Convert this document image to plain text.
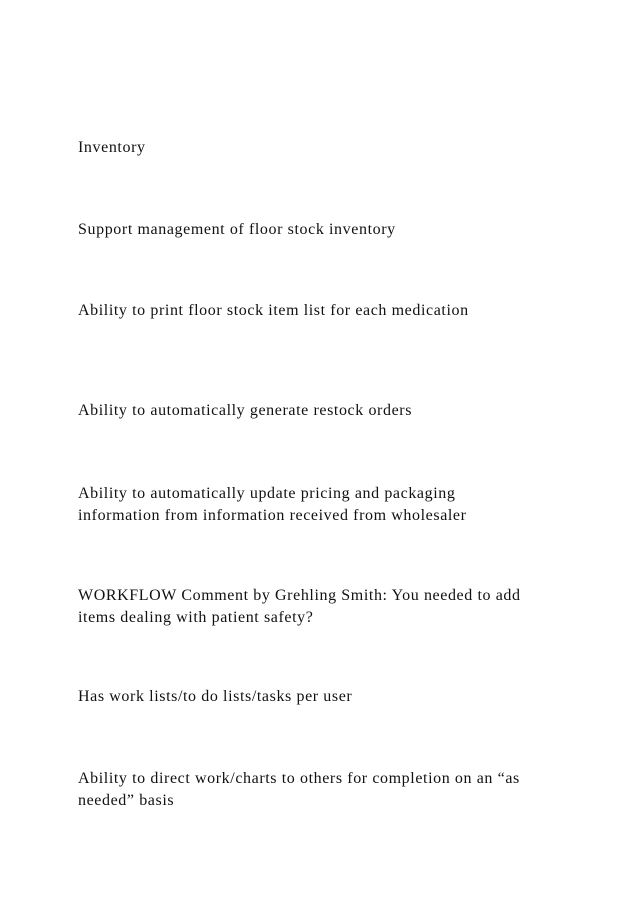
Inventory

Support management of floor stock inventory

Ability to print floor stock item list for each medication

Ability to automatically generate restock orders

Ability to automatically update pricing and packaging
information from information received from wholesaler

WORKFLOW Comment by Grehling Smith: You needed to add
items dealing with patient safety?

Has work lists/to do lists/tasks per user

Ability to direct work/charts to others for completion on an “as
needed” basis
